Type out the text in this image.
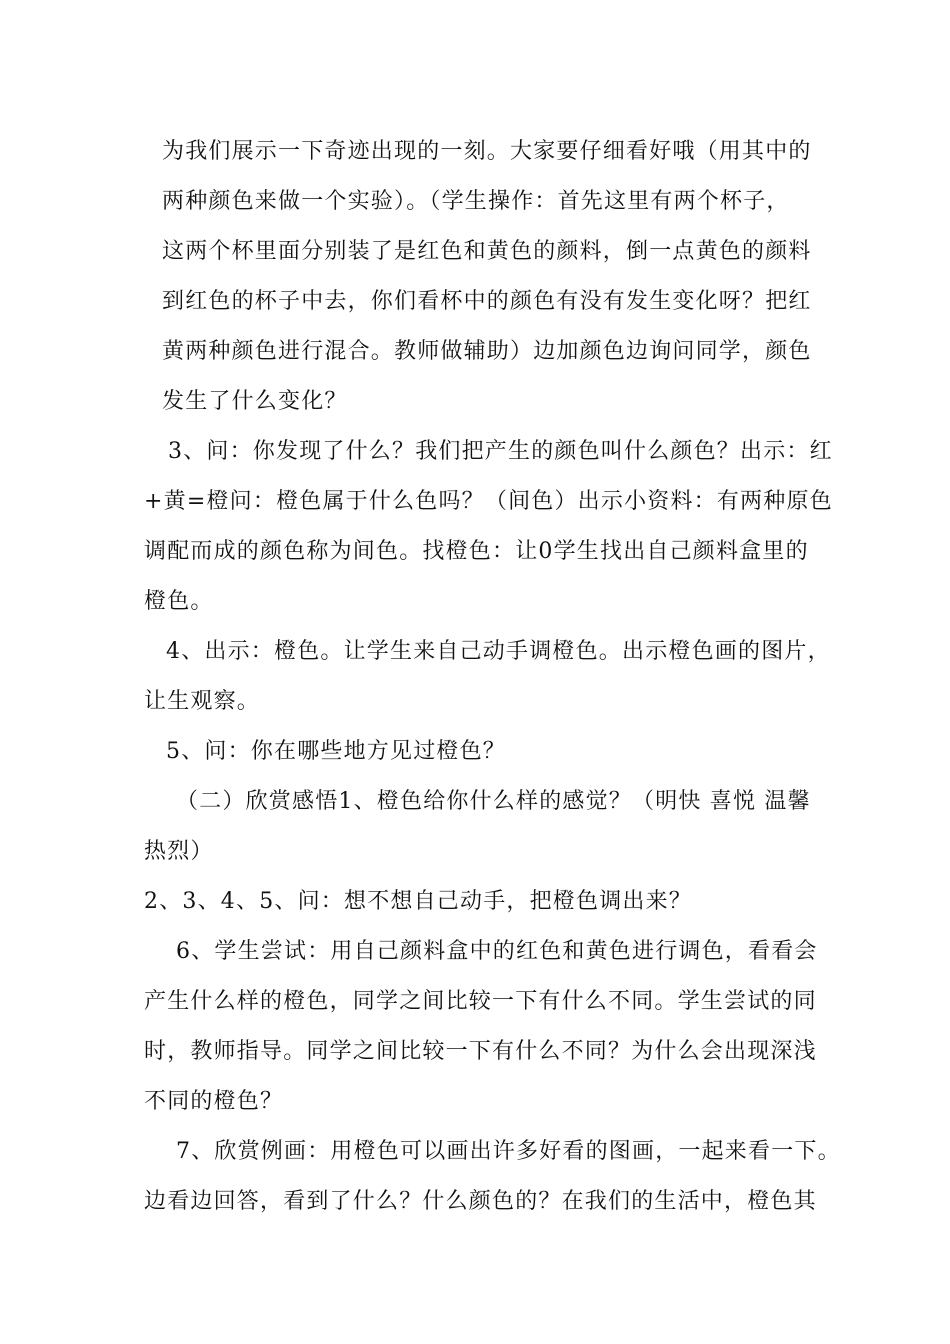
为我们展示一下奇迹出现的一刻。大家要仔细看好哦（用其中的
两种颜色来做一个实验）。（学生操作：首先这里有两个杯子，
这两个杯里面分别装了是红色和黄色的颜料，倒一点黄色的颜料
到红色的杯子中去，你们看杯中的颜色有没有发生变化呀？把红
黄两种颜色进行混合。教师做辅助）边加颜色边询问同学，颜色
发生了什么变化？
3、问：你发现了什么？我们把产生的颜色叫什么颜色？出示：红
+黄=橙问：橙色属于什么色吗？（间色）出示小资料：有两种原色
调配而成的颜色称为间色。找橙色：让0学生找出自己颜料盒里的
橙色。
4、出示：橙色。让学生来自己动手调橙色。出示橙色画的图片，
让生观察。
5、问：你在哪些地方见过橙色？
（二）欣赏感悟1、橙色给你什么样的感觉？（明快 喜悦 温馨
热烈）
2、3、4、5、问：想不想自己动手，把橙色调出来？
6、学生尝试：用自己颜料盒中的红色和黄色进行调色，看看会
产生什么样的橙色，同学之间比较一下有什么不同。学生尝试的同
时，教师指导。同学之间比较一下有什么不同？为什么会出现深浅
不同的橙色？
7、欣赏例画：用橙色可以画出许多好看的图画，一起来看一下。
边看边回答，看到了什么？什么颜色的？在我们的生活中，橙色其
